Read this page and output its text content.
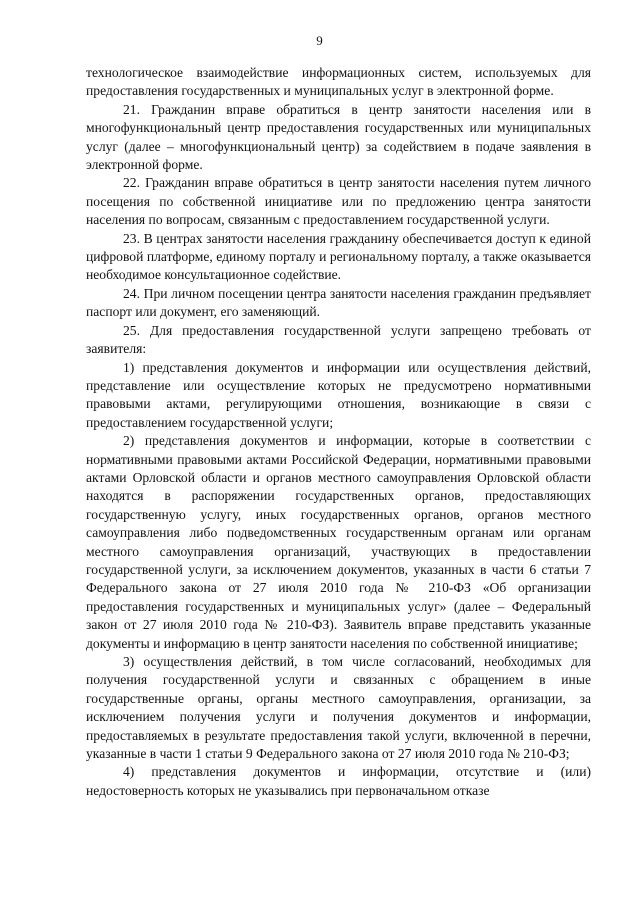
9

технологическое взаимодействие информационных систем, используемых для предоставления государственных и муниципальных услуг в электронной форме.

21. Гражданин вправе обратиться в центр занятости населения или в многофункциональный центр предоставления государственных или муниципальных услуг (далее – многофункциональный центр) за содействием в подаче заявления в электронной форме.

22. Гражданин вправе обратиться в центр занятости населения путем личного посещения по собственной инициативе или по предложению центра занятости населения по вопросам, связанным с предоставлением государственной услуги.

23. В центрах занятости населения гражданину обеспечивается доступ к единой цифровой платформе, единому порталу и региональному порталу, а также оказывается необходимое консультационное содействие.

24. При личном посещении центра занятости населения гражданин предъявляет паспорт или документ, его заменяющий.

25. Для предоставления государственной услуги запрещено требовать от заявителя:

1) представления документов и информации или осуществления действий, представление или осуществление которых не предусмотрено нормативными правовыми актами, регулирующими отношения, возникающие в связи с предоставлением государственной услуги;

2) представления документов и информации, которые в соответствии с нормативными правовыми актами Российской Федерации, нормативными правовыми актами Орловской области и органов местного самоуправления Орловской области находятся в распоряжении государственных органов, предоставляющих государственную услугу, иных государственных органов, органов местного самоуправления либо подведомственных государственным органам или органам местного самоуправления организаций, участвующих в предоставлении государственной услуги, за исключением документов, указанных в части 6 статьи 7 Федерального закона от 27 июля 2010 года № 210-ФЗ «Об организации предоставления государственных и муниципальных услуг» (далее – Федеральный закон от 27 июля 2010 года № 210-ФЗ). Заявитель вправе представить указанные документы и информацию в центр занятости населения по собственной инициативе;

3) осуществления действий, в том числе согласований, необходимых для получения государственной услуги и связанных с обращением в иные государственные органы, органы местного самоуправления, организации, за исключением получения услуги и получения документов и информации, предоставляемых в результате предоставления такой услуги, включенной в перечни, указанные в части 1 статьи 9 Федерального закона от 27 июля 2010 года № 210-ФЗ;

4) представления документов и информации, отсутствие и (или) недостоверность которых не указывались при первоначальном отказе
